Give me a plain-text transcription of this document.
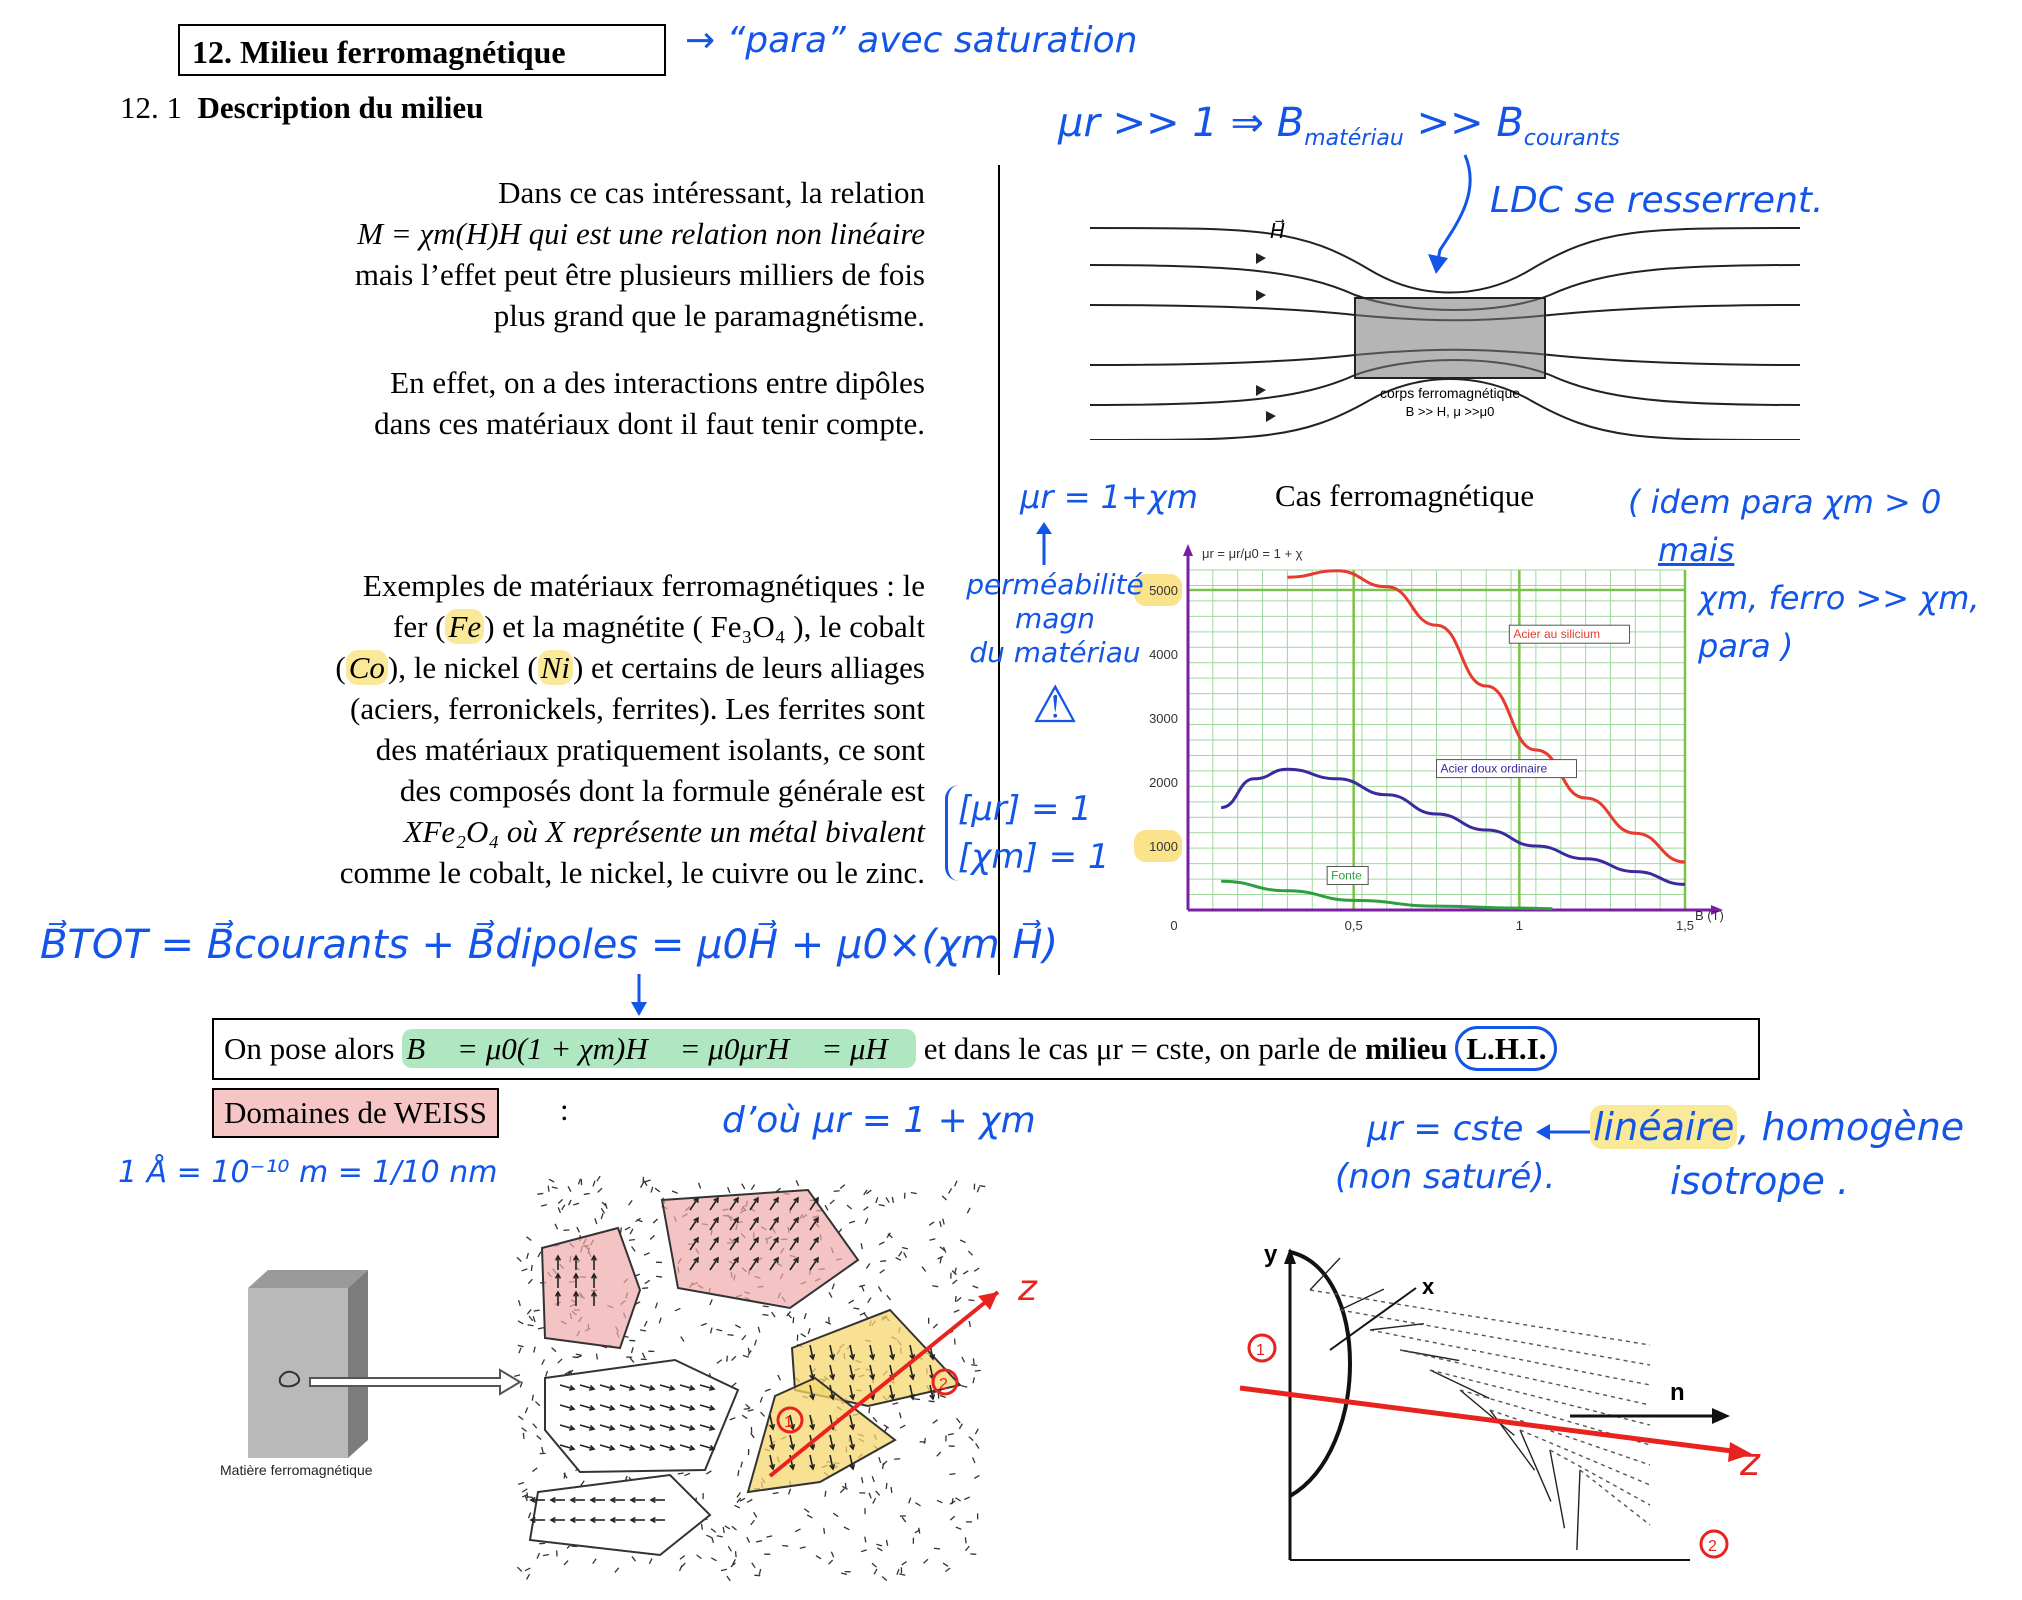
12. Milieu ferromagnétique
12. 1 Description du milieu
Dans ce cas intéressant, la relation
M = χm(H)H qui est une relation non linéaire
mais l’effet peut être plusieurs milliers de fois
plus grand que le paramagnétisme.
En effet, on a des interactions entre dipôles
dans ces matériaux dont il faut tenir compte.
Exemples de matériaux ferromagnétiques : le
fer (Fe) et la magnétite ( Fe₃O₄ ), le cobalt
(Co), le nickel (Ni) et certains de leurs alliages
(aciers, ferronickels, ferrites). Les ferrites sont
des matériaux pratiquement isolants, ce sont
des composés dont la formule générale est
XFe₂O₄ où X représente un métal bivalent
comme le cobalt, le nickel, le cuivre ou le zinc.
H⃗
corps ferromagnétique
B >> H, μ >>μ0
Cas ferromagnétique
1000
2000
3000
4000
5000
0	0,5	1	1,5
Acier au silicium
Acier doux ordinaire
Fonte
μr = μr/μ0 = 1 + χ
B (T)
On pose alors B⃗ = μ0(1 + χm)H⃗ = μ0μrH⃗ = μH⃗ et dans le cas μr = cste, on parle de milieu L.H.I.
Domaines de WEISS	:
Matière ferromagnétique
1
2
z
y
x
n
1
2
z
→ “para” avec saturation
μr >> 1 ⇒ $B_{matériau} >> B_{courants}$
LDC se resserrent.
μr = 1+χm
perméabilité
magn
du matériau
⚠
( idem para χm > 0
mais
χm, ferro >> χm, para )
[μr] = 1
[χm] = 1
B⃗TOT = B⃗courants + B⃗dipoles = μ0H⃗ + μ0×(χm H⃗)
d’où μr = 1 + χm
1 Å = 10⁻¹⁰ m = 1/10 nm
μr = cste
(non saturé).
linéaire, homogène
isotrope .
